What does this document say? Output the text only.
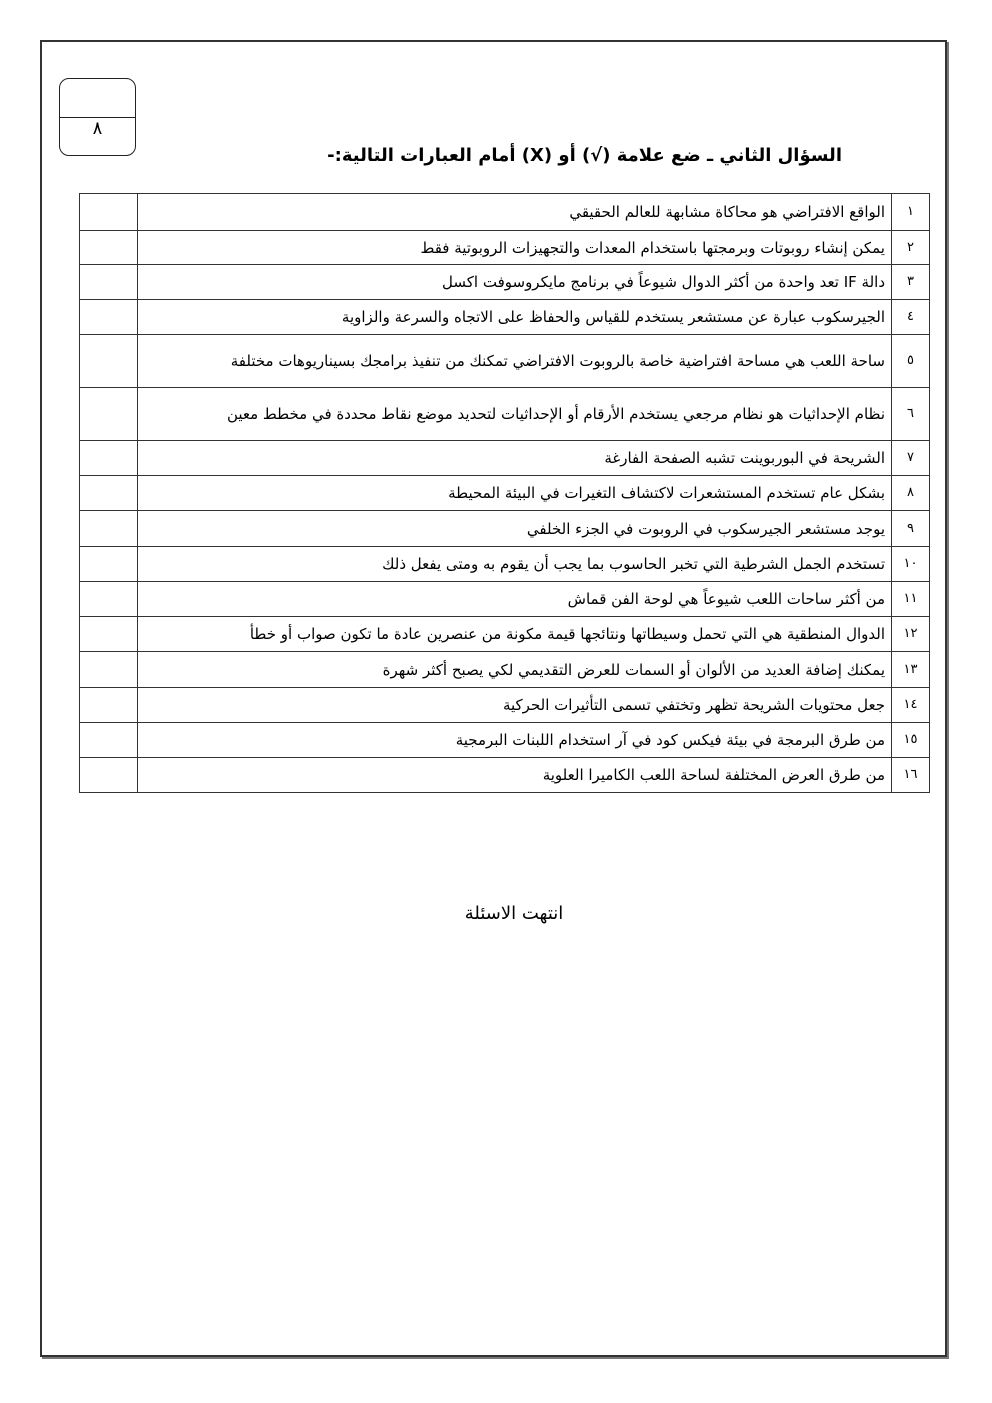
٨
السؤال الثاني ـ ضع علامة (√) أو (X) أمام العبارات التالية:-
١	الواقع الافتراضي هو محاكاة مشابهة للعالم الحقيقي	
٢	يمكن إنشاء روبوتات وبرمجتها باستخدام المعدات والتجهيزات الروبوتية فقط	
٣	دالة IF تعد واحدة من أكثر الدوال شيوعاً في برنامج مايكروسوفت اكسل	
٤	الجيرسكوب عبارة عن مستشعر يستخدم للقياس والحفاظ على الاتجاه والسرعة والزاوية	
٥	ساحة اللعب هي مساحة افتراضية خاصة بالروبوت الافتراضي تمكنك من تنفيذ برامجك بسيناريوهات مختلفة	
٦	نظام الإحداثيات هو نظام مرجعي يستخدم الأرقام أو الإحداثيات لتحديد موضع نقاط محددة في مخطط معين	
٧	الشريحة في البوربوينت تشبه الصفحة الفارغة	
٨	بشكل عام تستخدم المستشعرات لاكتشاف التغيرات في البيئة المحيطة	
٩	يوجد مستشعر الجيرسكوب في الروبوت في الجزء الخلفي	
١٠	تستخدم الجمل الشرطية التي تخبر الحاسوب بما يجب أن يقوم به ومتى يفعل ذلك	
١١	من أكثر ساحات اللعب شيوعاً هي لوحة الفن قماش	
١٢	الدوال المنطقية هي التي تحمل وسيطاتها ونتائجها قيمة مكونة من عنصرين عادة ما تكون صواب أو خطأ	
١٣	يمكنك إضافة العديد من الألوان أو السمات للعرض التقديمي لكي يصبح أكثر شهرة	
١٤	جعل محتويات الشريحة تظهر وتختفي تسمى التأثيرات الحركية	
١٥	من طرق البرمجة في بيئة فيكس كود في آر استخدام اللبنات البرمجية	
١٦	من طرق العرض المختلفة لساحة اللعب الكاميرا العلوية	
انتهت الاسئلة
